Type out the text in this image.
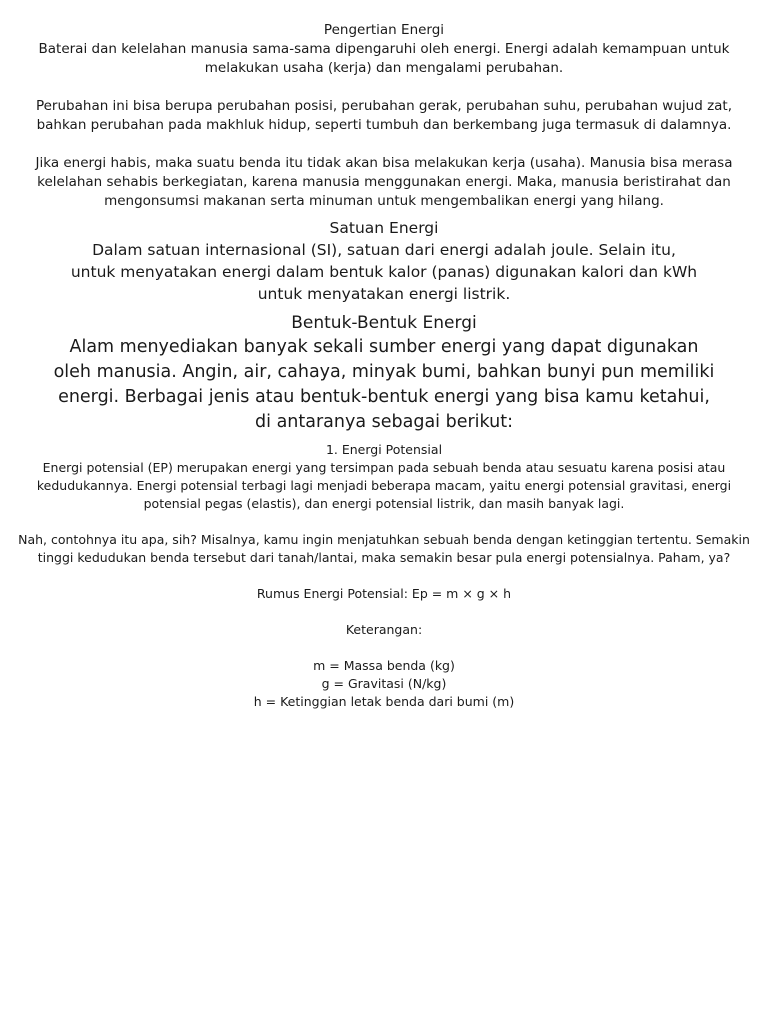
Pengertian Energi

Baterai dan kelelahan manusia sama-sama dipengaruhi oleh energi. Energi adalah kemampuan untuk melakukan usaha (kerja) dan mengalami perubahan.

Perubahan ini bisa berupa perubahan posisi, perubahan gerak, perubahan suhu, perubahan wujud zat, bahkan perubahan pada makhluk hidup, seperti tumbuh dan berkembang juga termasuk di dalamnya.

Jika energi habis, maka suatu benda itu tidak akan bisa melakukan kerja (usaha). Manusia bisa merasa kelelahan sehabis berkegiatan, karena manusia menggunakan energi. Maka, manusia beristirahat dan mengonsumsi makanan serta minuman untuk mengembalikan energi yang hilang.

Satuan Energi

Dalam satuan internasional (SI), satuan dari energi adalah joule. Selain itu, untuk menyatakan energi dalam bentuk kalor (panas) digunakan kalori dan kWh untuk menyatakan energi listrik.

Bentuk-Bentuk Energi

Alam menyediakan banyak sekali sumber energi yang dapat digunakan oleh manusia. Angin, air, cahaya, minyak bumi, bahkan bunyi pun memiliki energi. Berbagai jenis atau bentuk-bentuk energi yang bisa kamu ketahui, di antaranya sebagai berikut:

1. Energi Potensial

Energi potensial (EP) merupakan energi yang tersimpan pada sebuah benda atau sesuatu karena posisi atau kedudukannya. Energi potensial terbagi lagi menjadi beberapa macam, yaitu energi potensial gravitasi, energi potensial pegas (elastis), dan energi potensial listrik, dan masih banyak lagi.

Nah, contohnya itu apa, sih? Misalnya, kamu ingin menjatuhkan sebuah benda dengan ketinggian tertentu. Semakin tinggi kedudukan benda tersebut dari tanah/lantai, maka semakin besar pula energi potensialnya. Paham, ya?

Rumus Energi Potensial: Ep = m × g × h

Keterangan:

m = Massa benda (kg)

g = Gravitasi (N/kg)

h = Ketinggian letak benda dari bumi (m)
